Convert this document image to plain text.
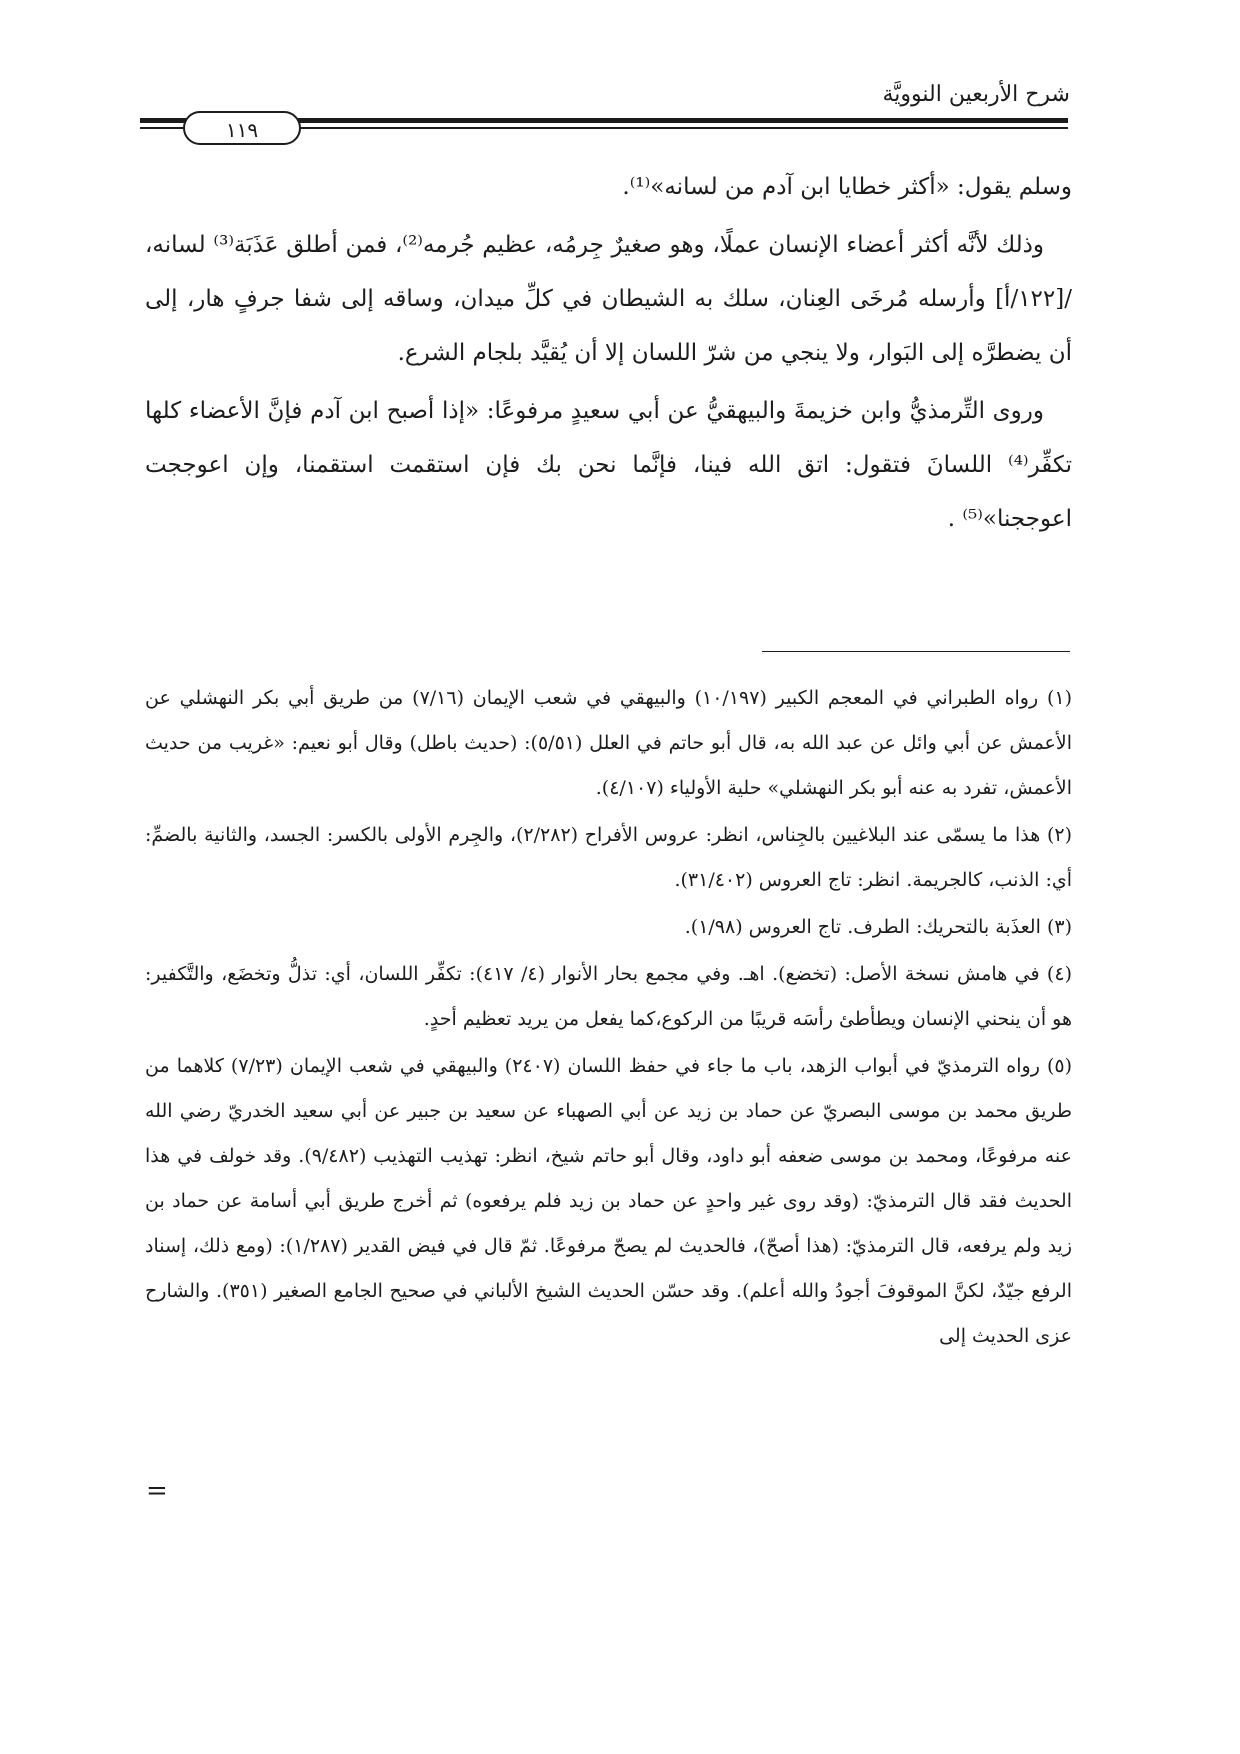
شرح الأربعين النوويَّة
١١٩

وسلم يقول: «أكثر خطايا ابن آدم من لسانه»⁽¹⁾.

وذلك لأنَّه أكثر أعضاء الإنسان عملًا، وهو صغيرٌ جِرمُه، عظيم جُرمه⁽²⁾، فمن أطلق عَذَبَة⁽³⁾ لسانه، /[١٢٢/أ] وأرسله مُرخَى العِنان، سلك به الشيطان في كلِّ ميدان، وساقه إلى شفا جرفٍ هار، إلى أن يضطرَّه إلى البَوار، ولا ينجي من شرّ اللسان إلا أن يُقيَّد بلجام الشرع.

وروى التِّرمذيُّ وابن خزيمةَ والبيهقيُّ عن أبي سعيدٍ مرفوعًا: «إذا أصبح ابن آدم فإنَّ الأعضاء كلها تكفِّر⁽⁴⁾ اللسانَ فتقول: اتق الله فينا، فإنَّما نحن بك فإن استقمت استقمنا، وإن اعوججت اعوججنا»⁽⁵⁾ .

(١) رواه الطبراني في المعجم الكبير (١٠/١٩٧) والبيهقي في شعب الإيمان (٧/١٦) من طريق أبي بكر النهشلي عن الأعمش عن أبي وائل عن عبد الله به، قال أبو حاتم في العلل (٥/٥١): (حديث باطل) وقال أبو نعيم: «غريب من حديث الأعمش، تفرد به عنه أبو بكر النهشلي» حلية الأولياء (٤/١٠٧).
(٢) هذا ما يسمّى عند البلاغيين بالجِناس، انظر: عروس الأفراح (٢/٢٨٢)، والجِرم الأولى بالكسر: الجسد، والثانية بالضمِّ: أي: الذنب، كالجريمة. انظر: تاج العروس (٣١/٤٠٢).
(٣) العذَبة بالتحريك: الطرف. تاج العروس (١/٩٨).
(٤) في هامش نسخة الأصل: (تخضع). اهـ. وفي مجمع بحار الأنوار (٤/ ٤١٧): تكفِّر اللسان، أي: تذلُّ وتخضَع، والتَّكفير: هو أن ينحني الإنسان ويطأطئ رأسَه قريبًا من الركوع،كما يفعل من يريد تعظيم أحدٍ.
(٥) رواه الترمذيّ في أبواب الزهد، باب ما جاء في حفظ اللسان (٢٤٠٧) والبيهقي في شعب الإيمان (٧/٢٣) كلاهما من طريق محمد بن موسى البصريّ عن حماد بن زيد عن أبي الصهباء عن سعيد بن جبير عن أبي سعيد الخدريّ رضي الله عنه مرفوعًا، ومحمد بن موسى ضعفه أبو داود، وقال أبو حاتم شيخ، انظر: تهذيب التهذيب (٩/٤٨٢). وقد خولف في هذا الحديث فقد قال الترمذيّ: (وقد روى غير واحدٍ عن حماد بن زيد فلم يرفعوه) ثم أخرج طريق أبي أسامة عن حماد بن زيد ولم يرفعه، قال الترمذيّ: (هذا أصحّ)، فالحديث لم يصحّ مرفوعًا. ثمّ قال في فيض القدير (١/٢٨٧): (ومع ذلك، إسناد الرفع جيّدٌ، لكنَّ الموقوفَ أجودُ والله أعلم). وقد حسّن الحديث الشيخ الألباني في صحيح الجامع الصغير (٣٥١). والشارح عزى الحديث إلى
=
